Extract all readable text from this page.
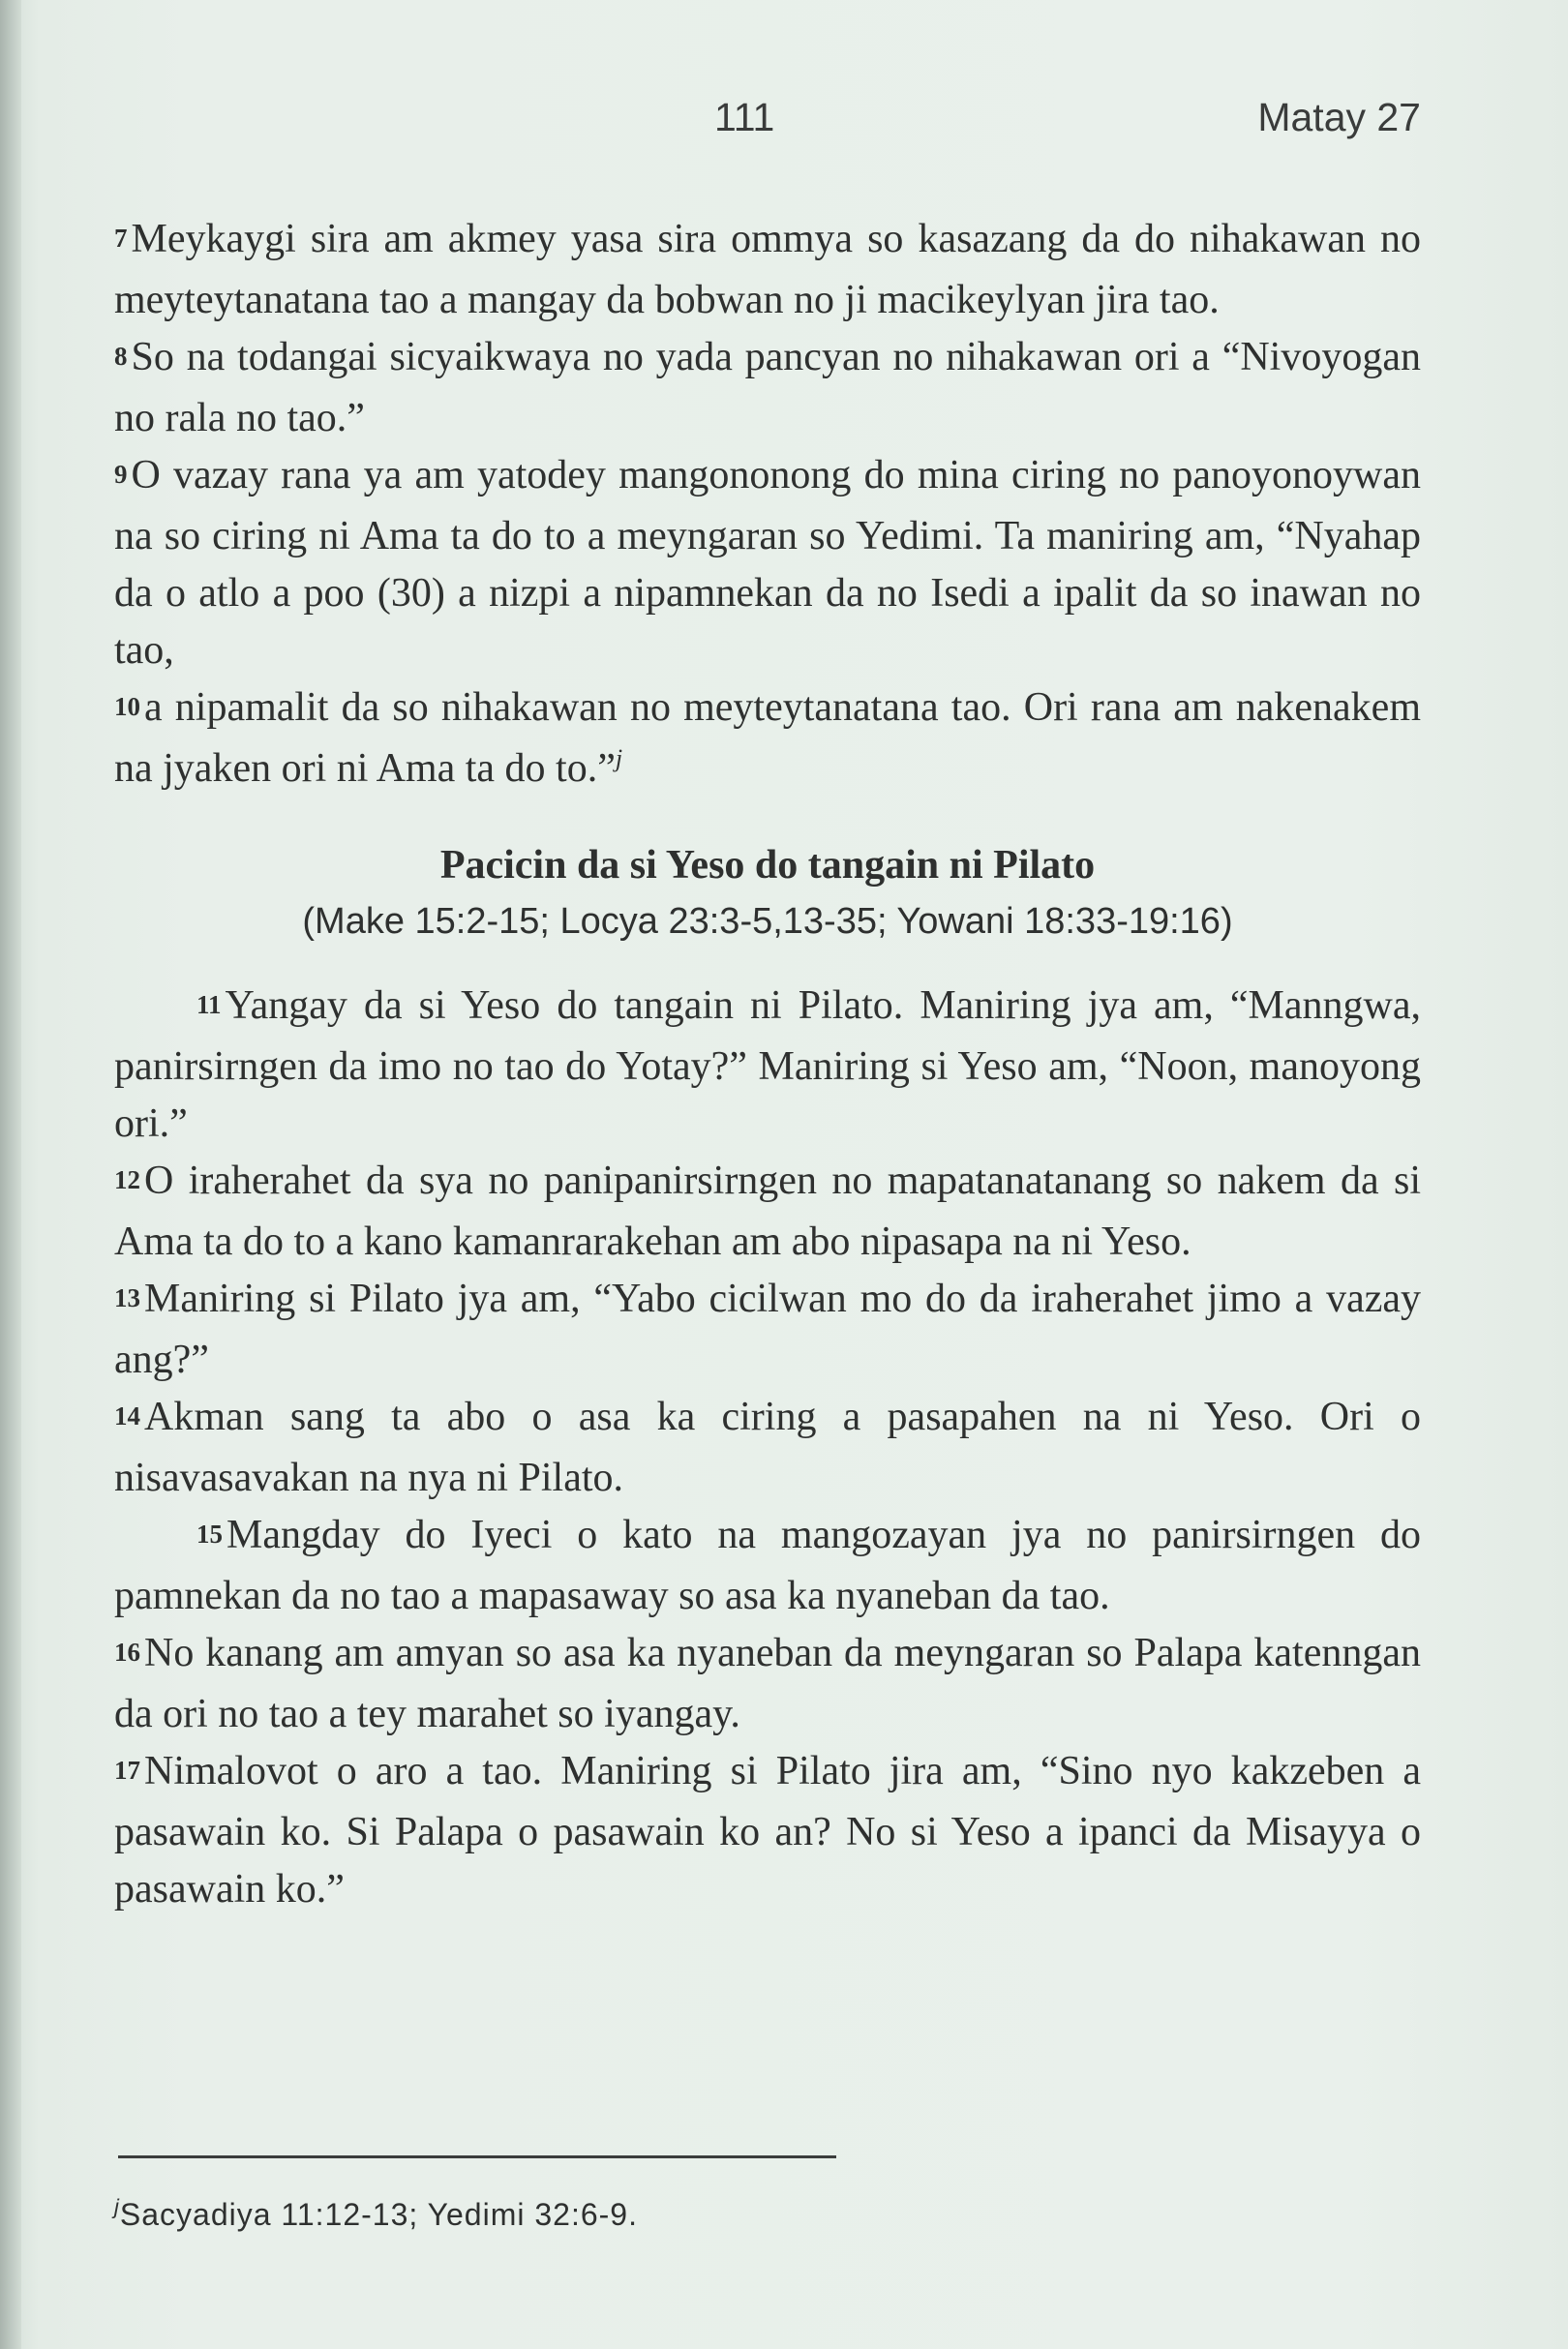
111	Matay 27

7Meykaygi sira am akmey yasa sira ommya so kasazang da do nihakawan no meyteytanatana tao a mangay da bobwan no ji macikeylyan jira tao.

8So na todangai sicyaikwaya no yada pancyan no nihakawan ori a “Nivoyogan no rala no tao.”

9O vazay rana ya am yatodey mangononong do mina ciring no panoyonoywan na so ciring ni Ama ta do to a meyngaran so Yedimi. Ta maniring am, “Nyahap da o atlo a poo (30) a nizpi a nipamnekan da no Isedi a ipalit da so inawan no tao,

10a nipamalit da so nihakawan no meyteytanatana tao. Ori rana am nakenakem na jyaken ori ni Ama ta do to.”$^j$

Pacicin da si Yeso do tangain ni Pilato

(Make 15:2-15; Locya 23:3-5,13-35; Yowani 18:33-19:16)

11Yangay da si Yeso do tangain ni Pilato. Maniring jya am, “Manngwa, panirsirngen da imo no tao do Yotay?” Maniring si Yeso am, “Noon, manoyong ori.”

12O iraherahet da sya no panipanirsirngen no mapatanatanang so nakem da si Ama ta do to a kano kamanrarakehan am abo nipasapa na ni Yeso.

13Maniring si Pilato jya am, “Yabo cicilwan mo do da iraherahet jimo a vazay ang?”

14Akman sang ta abo o asa ka ciring a pasapahen na ni Yeso. Ori o nisavasavakan na nya ni Pilato.

15Mangday do Iyeci o kato na mangozayan jya no panirsirngen do pamnekan da no tao a mapasaway so asa ka nyaneban da tao.

16No kanang am amyan so asa ka nyaneban da meyngaran so Palapa katenngan da ori no tao a tey marahet so iyangay.

17Nimalovot o aro a tao. Maniring si Pilato jira am, “Sino nyo kakzeben a pasawain ko. Si Palapa o pasawain ko an? No si Yeso a ipanci da Misayya o pasawain ko.”

$^j$Sacyadiya 11:12-13; Yedimi 32:6-9.
